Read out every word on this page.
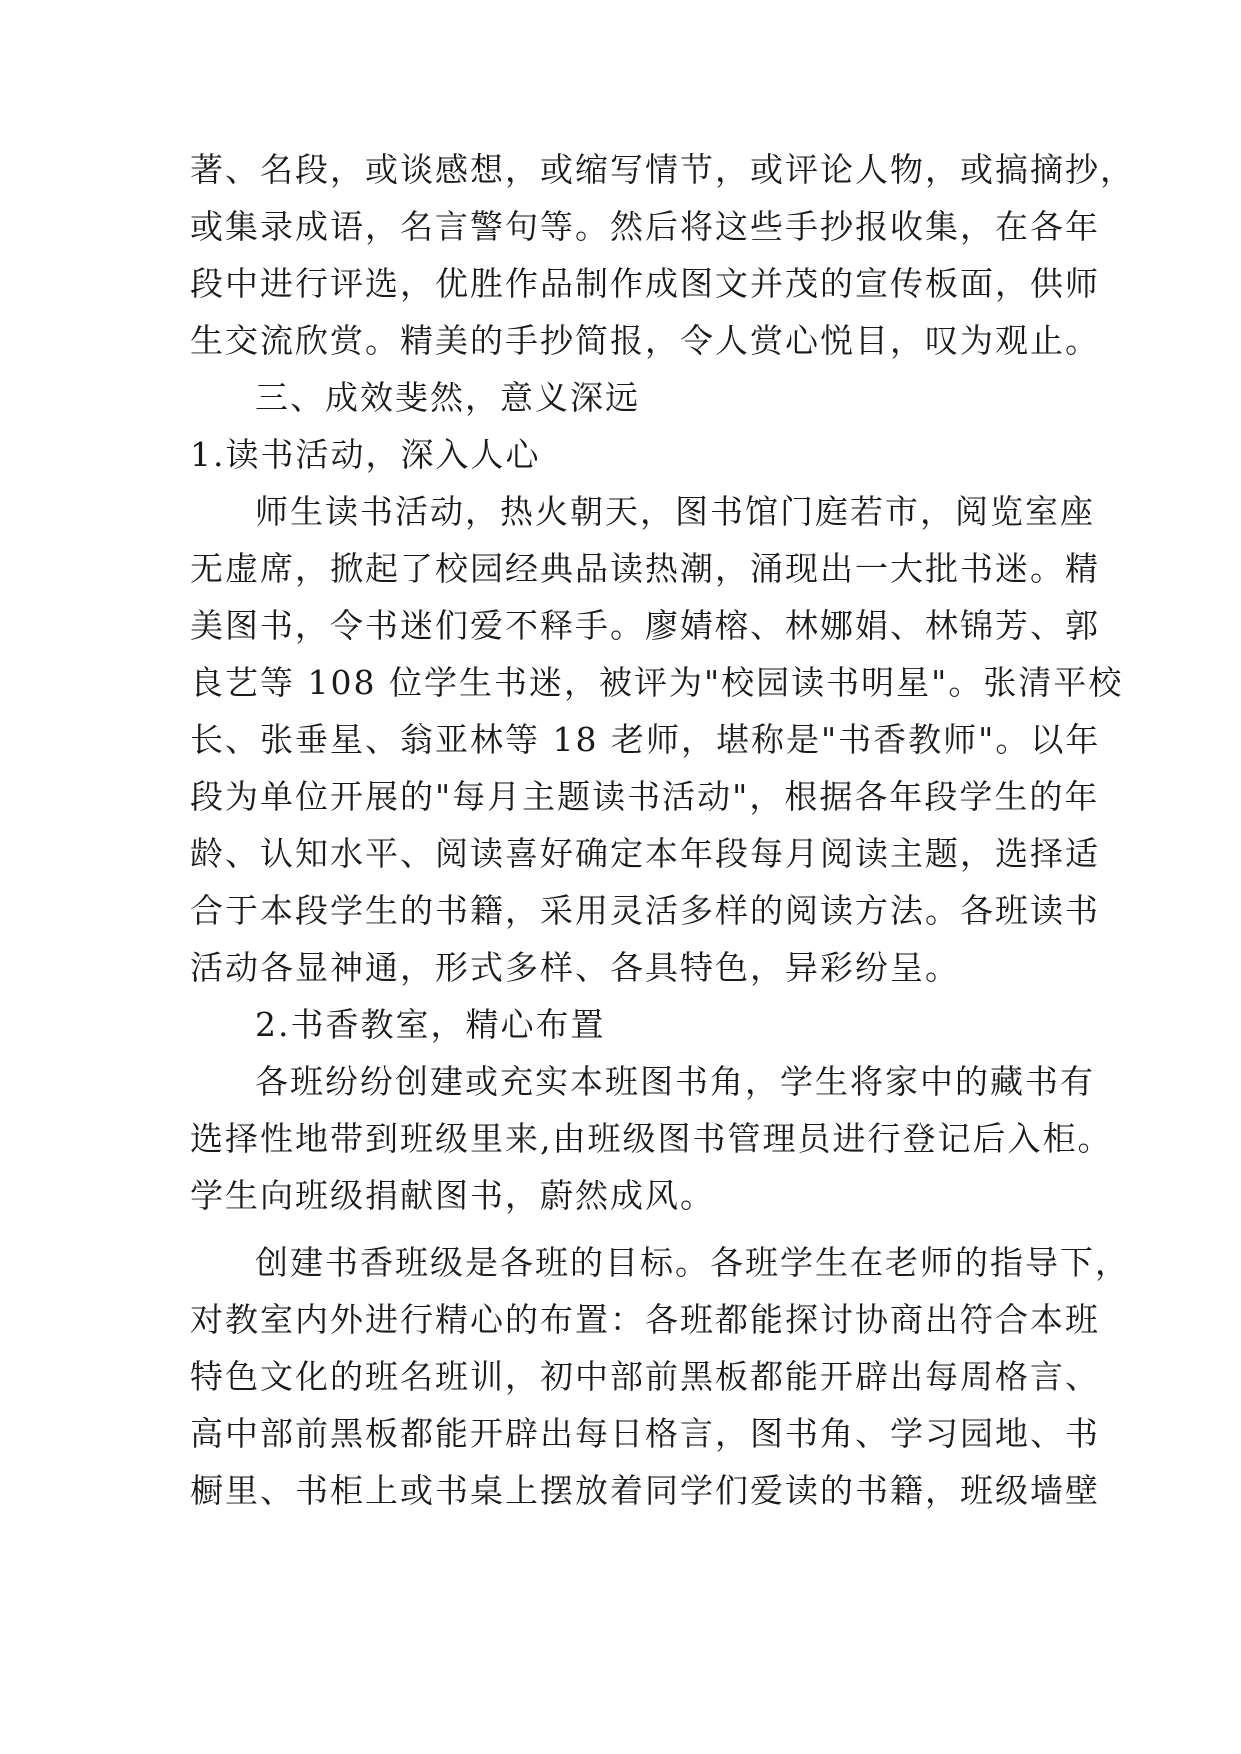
著、名段，或谈感想，或缩写情节，或评论人物，或搞摘抄，
或集录成语，名言警句等。然后将这些手抄报收集，在各年
段中进行评选，优胜作品制作成图文并茂的宣传板面，供师
生交流欣赏。精美的手抄简报，令人赏心悦目，叹为观止。
三、成效斐然，意义深远
1.读书活动，深入人心
师生读书活动，热火朝天，图书馆门庭若市，阅览室座
无虚席，掀起了校园经典品读热潮，涌现出一大批书迷。精
美图书，令书迷们爱不释手。廖婧榕、林娜娟、林锦芳、郭
良艺等 108 位学生书迷，被评为"校园读书明星"。张清平校
长、张垂星、翁亚林等 18 老师，堪称是"书香教师"。以年
段为单位开展的"每月主题读书活动"，根据各年段学生的年
龄、认知水平、阅读喜好确定本年段每月阅读主题，选择适
合于本段学生的书籍，采用灵活多样的阅读方法。各班读书
活动各显神通，形式多样、各具特色，异彩纷呈。
2.书香教室，精心布置
各班纷纷创建或充实本班图书角，学生将家中的藏书有
选择性地带到班级里来,由班级图书管理员进行登记后入柜。
学生向班级捐献图书，蔚然成风。
创建书香班级是各班的目标。各班学生在老师的指导下，
对教室内外进行精心的布置：各班都能探讨协商出符合本班
特色文化的班名班训，初中部前黑板都能开辟出每周格言、
高中部前黑板都能开辟出每日格言，图书角、学习园地、书
橱里、书柜上或书桌上摆放着同学们爱读的书籍，班级墙壁
